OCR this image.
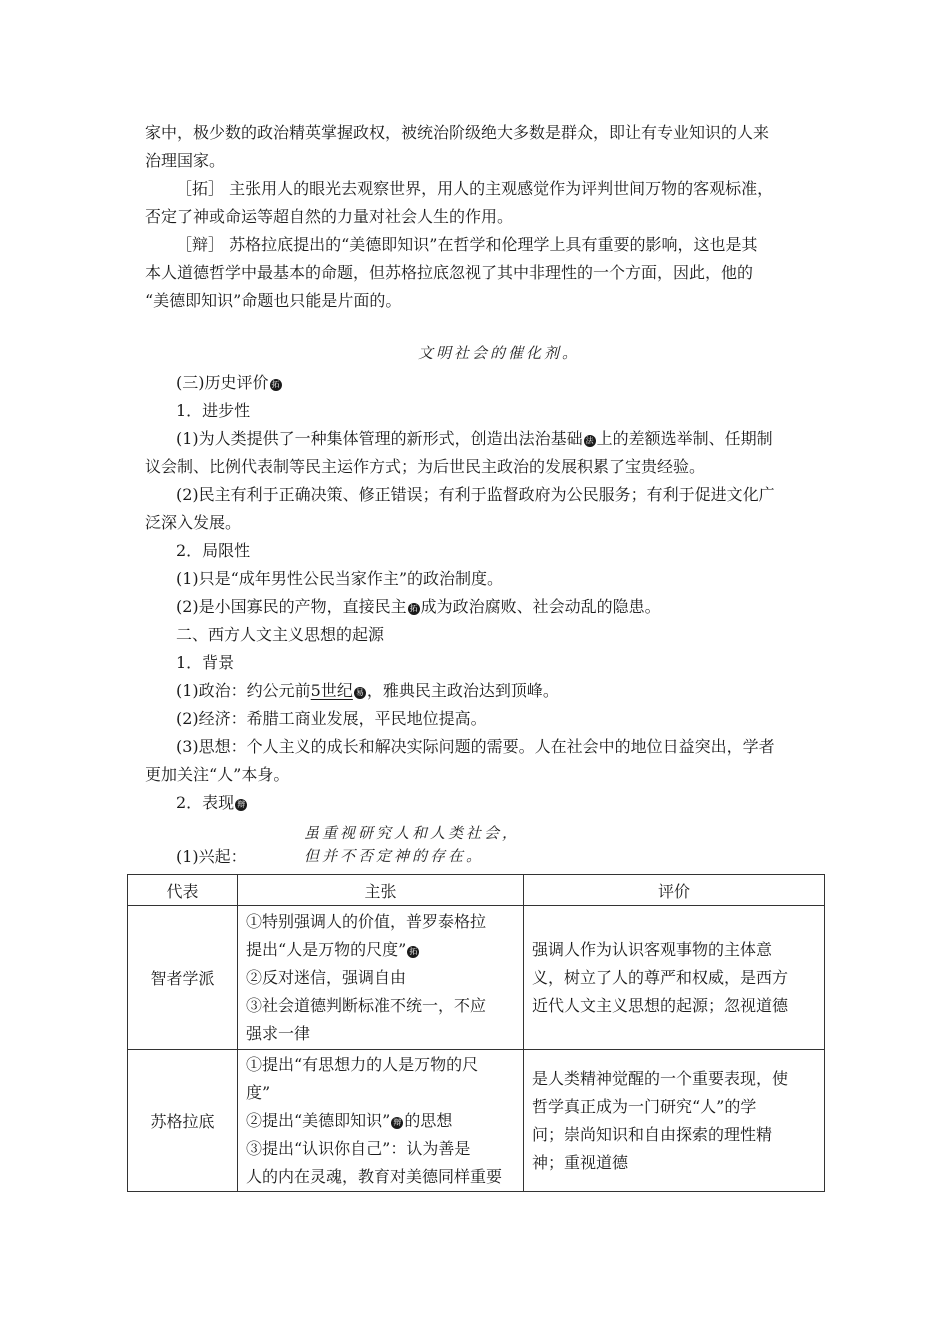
家中，极少数的政治精英掌握政权，被统治阶级绝大多数是群众，即让有专业知识的人来
治理国家。
［拓］ 主张用人的眼光去观察世界，用人的主观感觉作为评判世间万物的客观标准，
否定了神或命运等超自然的力量对社会人生的作用。
［辩］ 苏格拉底提出的“美德即知识”在哲学和伦理学上具有重要的影响，这也是其
本人道德哲学中最基本的命题，但苏格拉底忽视了其中非理性的一个方面，因此，他的
“美德即知识”命题也只能是片面的。
文明社会的催化剂。
(三)历史评价 拓
1．进步性
(1)为人类提供了一种集体管理的新形式，创造出法治基础 法 上的差额选举制、任期制
议会制、比例代表制等民主运作方式；为后世民主政治的发展积累了宝贵经验。
(2)民主有利于正确决策、修正错误；有利于监督政府为公民服务；有利于促进文化广
泛深入发展。
2．局限性
(1)只是“成年男性公民当家作主”的政治制度。
(2)是小国寡民的产物，直接民主 拓 成为政治腐败、社会动乱的隐患。
二、西方人文主义思想的起源
1．背景
(1)政治：约公元前5世纪 易 ，雅典民主政治达到顶峰。
(2)经济：希腊工商业发展，平民地位提高。
(3)思想：个人主义的成长和解决实际问题的需要。人在社会中的地位日益突出，学者
更加关注“人”本身。
2．表现 辩
虽重视研究人和人类社会，
但并不否定神的存在。
(1)兴起：
代表	主张	评价
智者学派	①特别强调人的价值，普罗泰格拉
提出“人是万物的尺度” 拓
②反对迷信，强调自由
③社会道德判断标准不统一，不应
强求一律	强调人作为认识客观事物的主体意
义，树立了人的尊严和权威，是西方
近代人文主义思想的起源；忽视道德

苏格拉底	①提出“有思想力的人是万物的尺
度”
②提出“美德即知识” 辩 的思想
③提出“认识你自己”：认为善是
人的内在灵魂，教育对美德同样重要	是人类精神觉醒的一个重要表现，使
哲学真正成为一门研究“人”的学
问；崇尚知识和自由探索的理性精
神；重视道德
